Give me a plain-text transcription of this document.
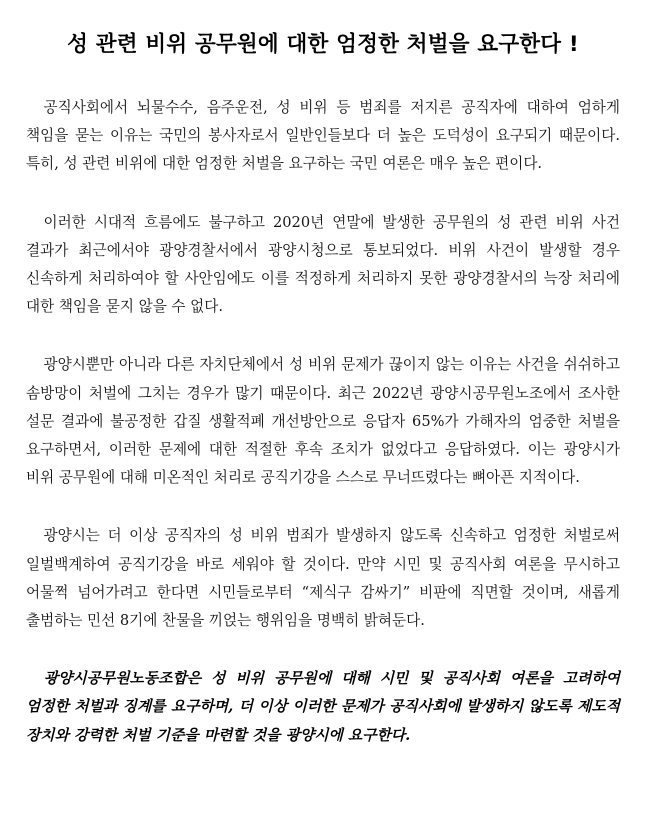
성 관련 비위 공무원에 대한 엄정한 처벌을 요구한다 !

공직사회에서 뇌물수수, 음주운전, 성 비위 등 범죄를 저지른 공직자에 대하여 엄하게 책임을 묻는 이유는 국민의 봉사자로서 일반인들보다 더 높은 도덕성이 요구되기 때문이다. 특히, 성 관련 비위에 대한 엄정한 처벌을 요구하는 국민 여론은 매우 높은 편이다.

이러한 시대적 흐름에도 불구하고 2020년 연말에 발생한 공무원의 성 관련 비위 사건 결과가 최근에서야 광양경찰서에서 광양시청으로 통보되었다. 비위 사건이 발생할 경우 신속하게 처리하여야 할 사안임에도 이를 적정하게 처리하지 못한 광양경찰서의 늑장 처리에 대한 책임을 묻지 않을 수 없다.

광양시뿐만 아니라 다른 자치단체에서 성 비위 문제가 끊이지 않는 이유는 사건을 쉬쉬하고 솜방망이 처벌에 그치는 경우가 많기 때문이다. 최근 2022년 광양시공무원노조에서 조사한 설문 결과에 불공정한 갑질 생활적폐 개선방안으로 응답자 65%가 가해자의 엄중한 처벌을 요구하면서, 이러한 문제에 대한 적절한 후속 조치가 없었다고 응답하였다. 이는 광양시가 비위 공무원에 대해 미온적인 처리로 공직기강을 스스로 무너뜨렸다는 뼈아픈 지적이다.

광양시는 더 이상 공직자의 성 비위 범죄가 발생하지 않도록 신속하고 엄정한 처벌로써 일벌백계하여 공직기강을 바로 세워야 할 것이다. 만약 시민 및 공직사회 여론을 무시하고 어물쩍 넘어가려고 한다면 시민들로부터 “제식구 감싸기” 비판에 직면할 것이며, 새롭게 출범하는 민선 8기에 찬물을 끼얹는 행위임을 명백히 밝혀둔다.

광양시공무원노동조합은 성 비위 공무원에 대해 시민 및 공직사회 여론을 고려하여 엄정한 처벌과 징계를 요구하며, 더 이상 이러한 문제가 공직사회에 발생하지 않도록 제도적 장치와 강력한 처벌 기준을 마련할 것을 광양시에 요구한다.
